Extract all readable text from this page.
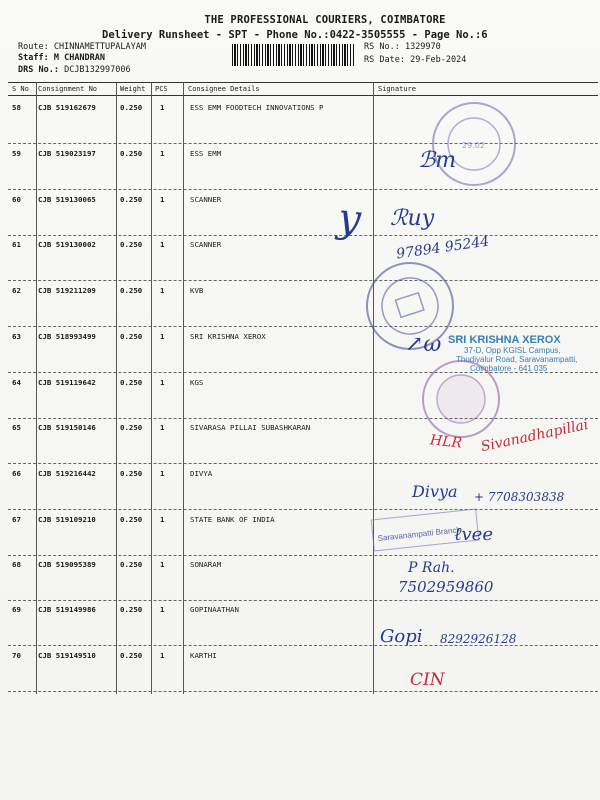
THE PROFESSIONAL COURIERS, COIMBATORE
Delivery Runsheet - SPT - Phone No.:0422-3505555 - Page No.:6
Route: CHINNAMETTUPALAYAM
Staff: M CHANDRAN
DRS No.: DCJB132997006
RS No.: 1329970
RS Date: 29-Feb-2024
S No Consignment No	Weight PCS	Consignee Details	Signature
58 CJB 519162679	0.250 1	ESS EMM FOODTECH INNOVATIONS P
59 CJB 519023197	0.250 1	ESS EMM
60 CJB 519130065	0.250 1	SCANNER
61 CJB 519130002	0.250 1	SCANNER
62 CJB 519211209	0.250 1	KVB
63 CJB 518993499	0.250 1	SRI KRISHNA XEROX
64 CJB 519119642	0.250 1	KGS
65 CJB 519150146	0.250 1	SIVARASA PILLAI SUBASHKARAN
66 CJB 519216442	0.250 1	DIVYA
67 CJB 519109210	0.250 1	STATE BANK OF INDIA
68 CJB 519095389	0.250 1	SONARAM
69 CJB 519149986	0.250 1	GOPINAATHAN
70 CJB 519149510	0.250 1	KARTHI
29.02
SRI KRISHNA XEROX
37-D, Opp KGISL Campus,
Thudiyalur Road, Saravanampatti,
Coimbatore - 641 035
Saravanampatti Branch
ℬm
y ℛuy
97894 95244
↗ω
HLR Sivanadhapillai
Divya + 7708303838
ℓvee
P Rah.
7502959860
Gopi 8292926128
CIN
